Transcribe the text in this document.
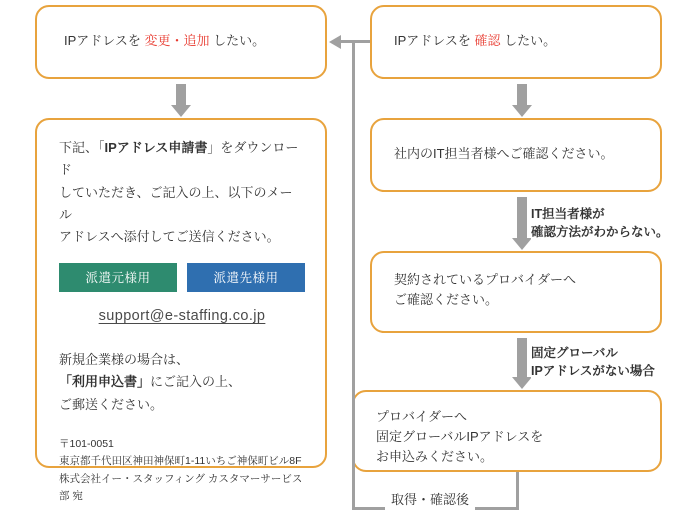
IPアドレスを 変更・追加 したい。
下記、「IPアドレス申請書」をダウンロード
していただき、ご記入の上、以下のメール
アドレスへ添付してご送信ください。
派遣元様用	派遣先様用
support@e-staffing.co.jp
新規企業様の場合は、
「利用申込書」にご記入の上、
ご郵送ください。
〒101-0051
東京都千代田区神田神保町1-11いちご神保町ビル8F
株式会社イー・スタッフィング カスタマーサービス部 宛
IPアドレスを 確認 したい。
社内のIT担当者様へご確認ください。
IT担当者様が
確認方法がわからない。
契約されているプロバイダーへ
ご確認ください。
固定グローバル
IPアドレスがない場合
プロバイダーへ
固定グローバルIPアドレスを
お申込みください。
取得・確認後
